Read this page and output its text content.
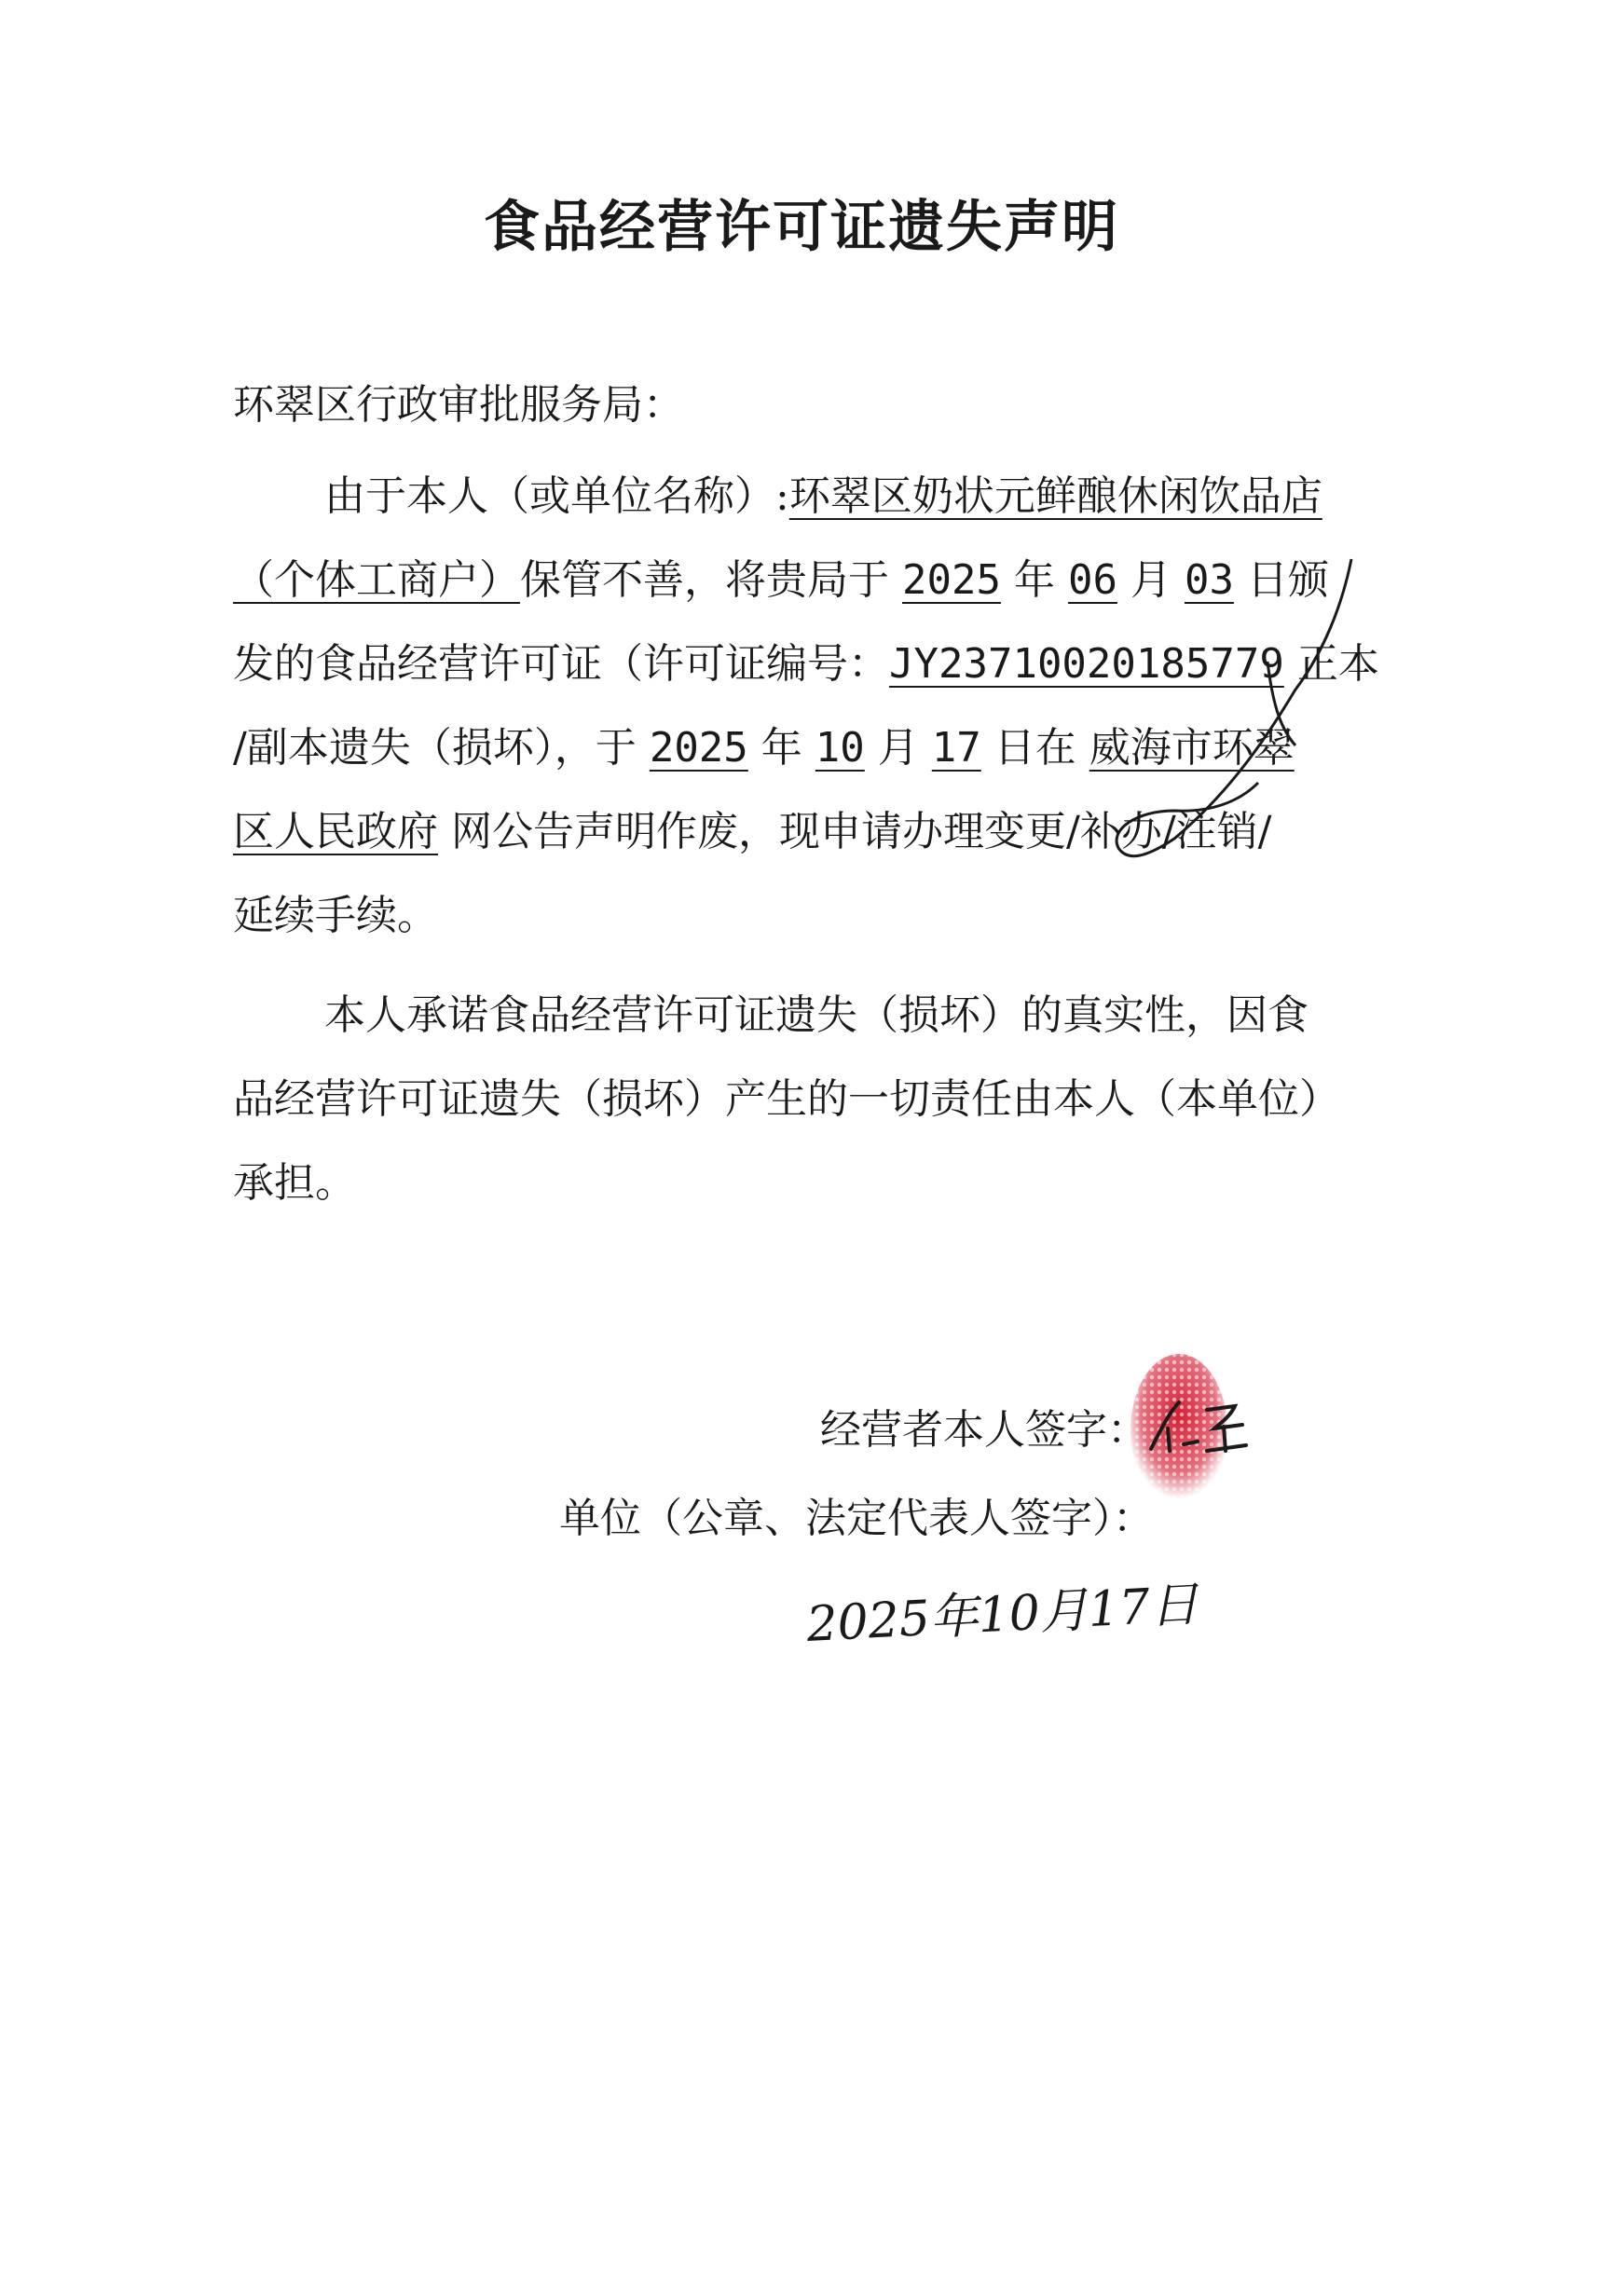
食品经营许可证遗失声明
环翠区行政审批服务局：
由于本人（或单位名称）:环翠区奶状元鲜酿休闲饮品店
（个体工商户）保管不善，将贵局于 2025 年 06 月 03 日颁
发的食品经营许可证（许可证编号：JY23710020185779 正本
/副本遗失（损坏），于 2025 年 10 月 17 日在 威海市环翠
区人民政府 网公告声明作废，现申请办理变更/补办/注销/
延续手续。
本人承诺食品经营许可证遗失（损坏）的真实性，因食
品经营许可证遗失（损坏）产生的一切责任由本人（本单位）
承担。
经营者本人签字：
单位（公章、法定代表人签字）：
2025年10月17日
